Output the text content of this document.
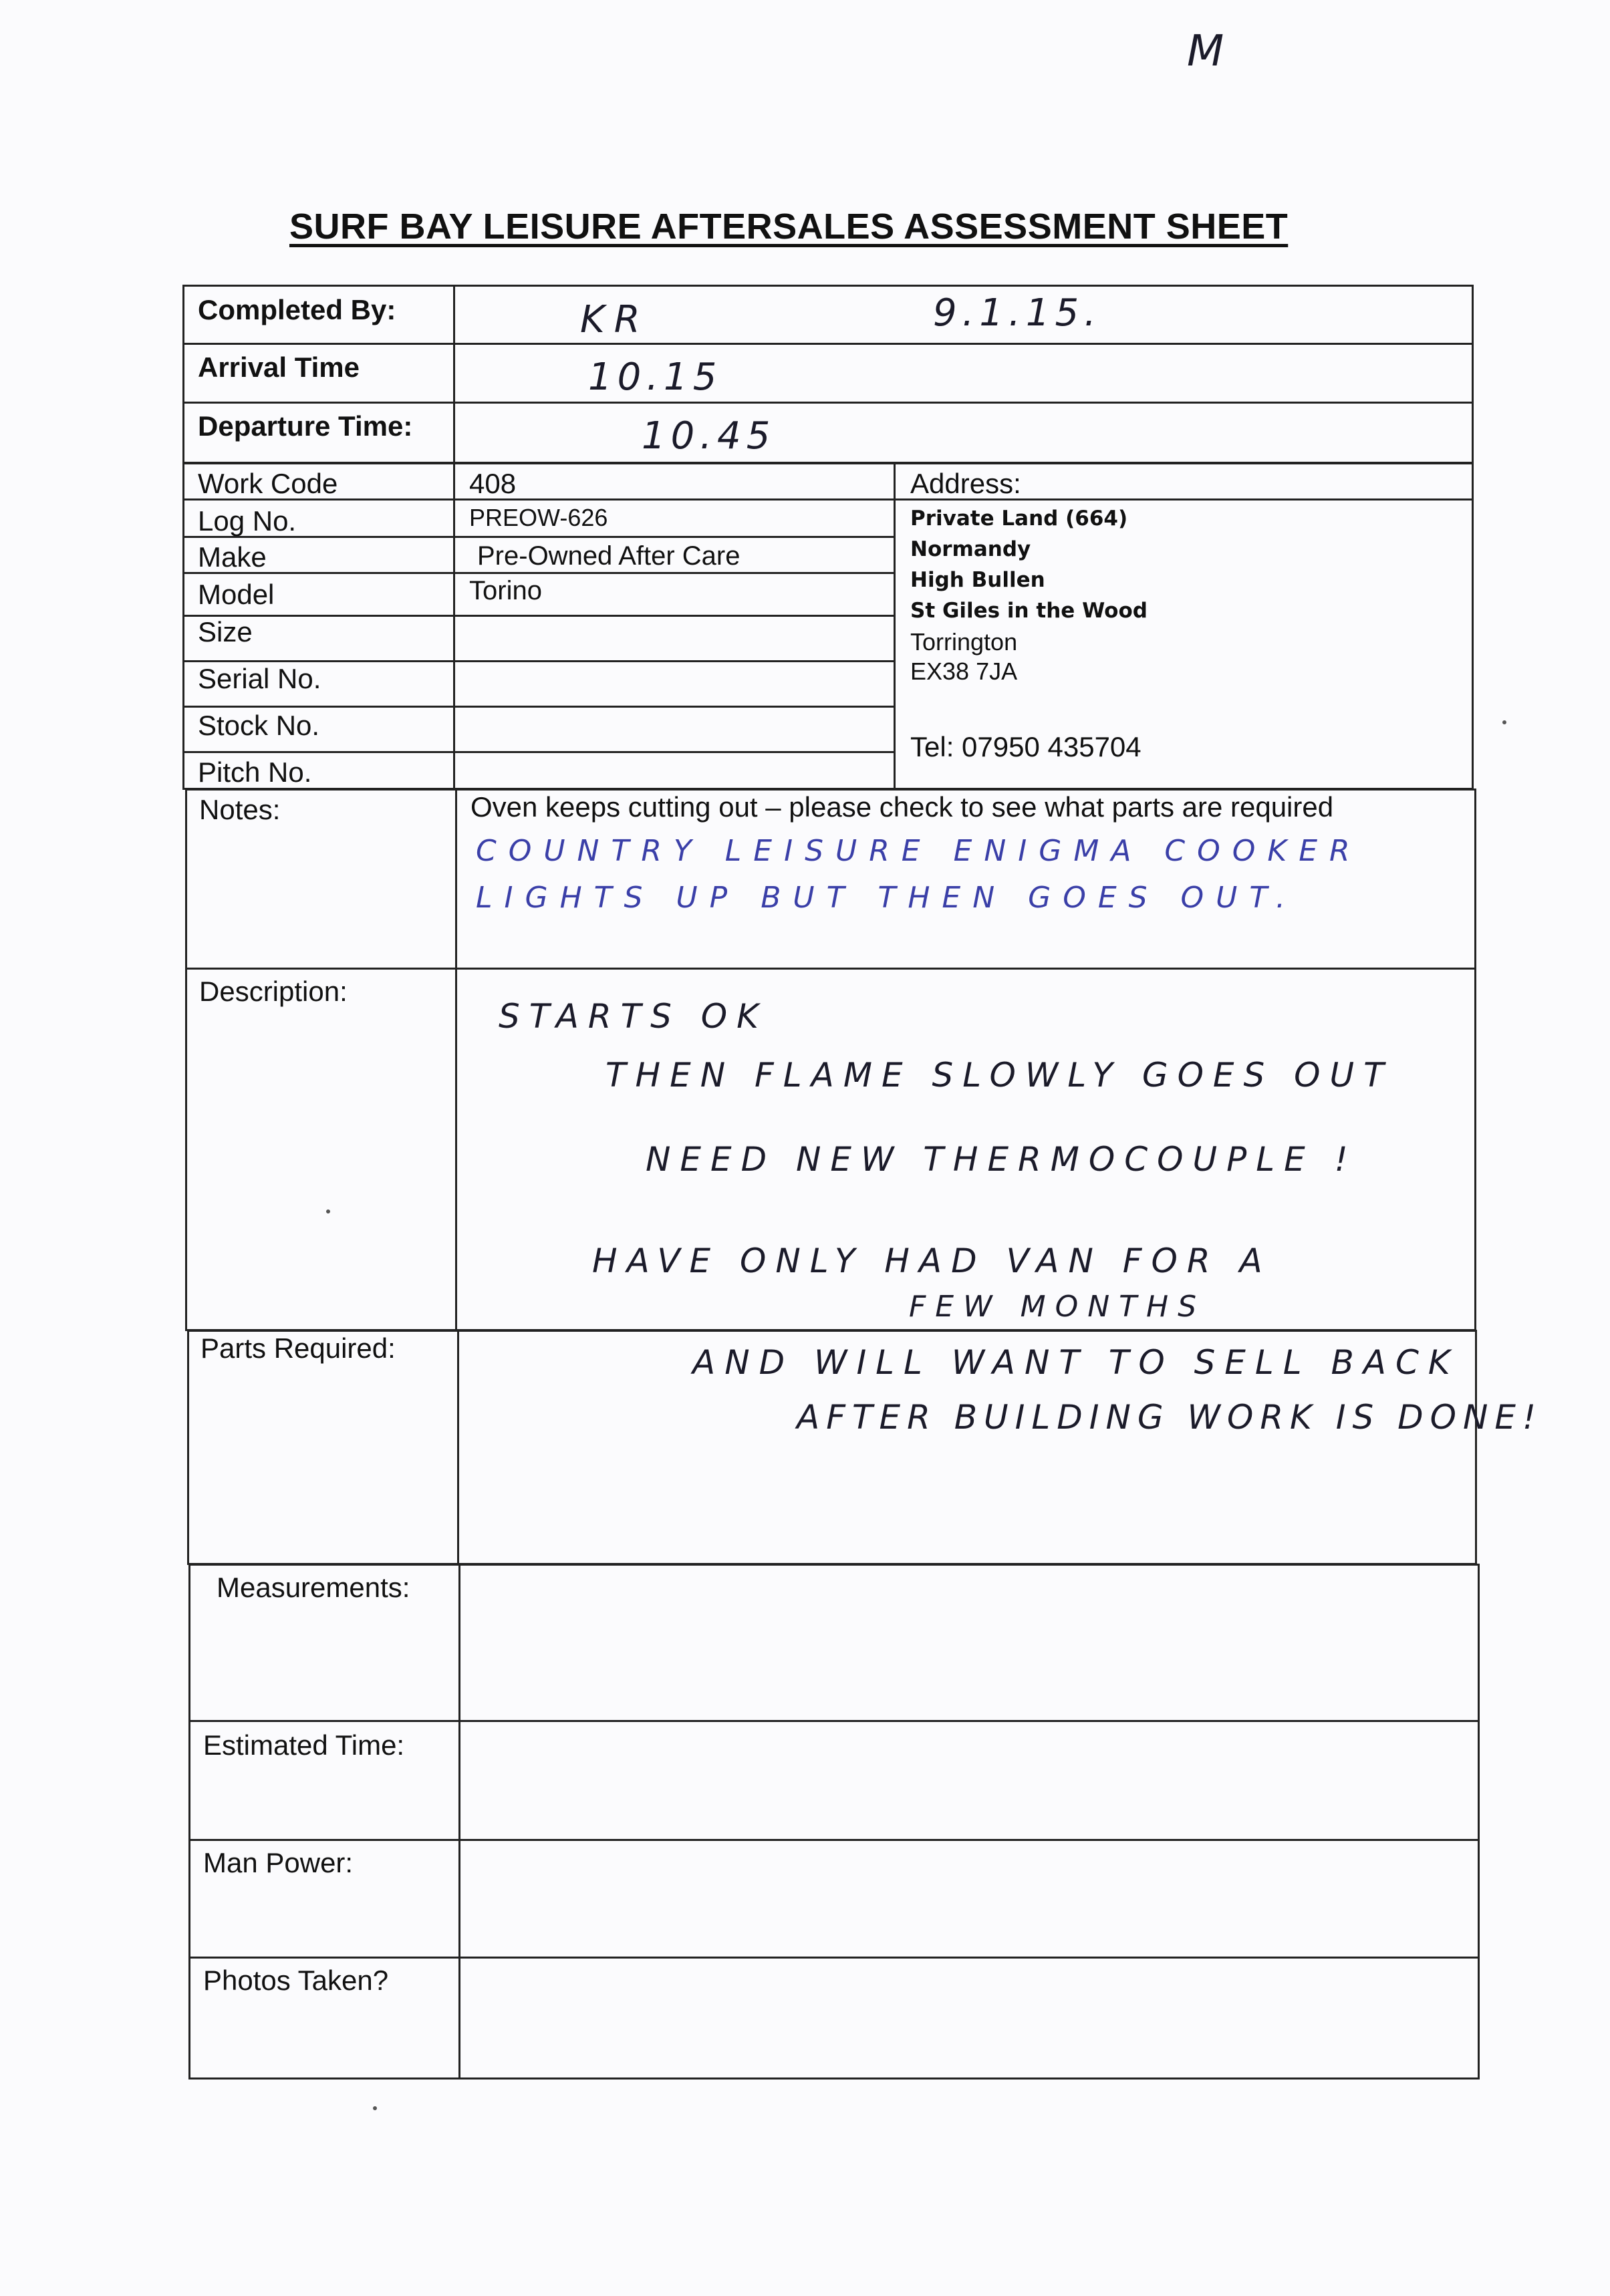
M
SURF BAY LEISURE AFTERSALES ASSESSMENT SHEET
Completed By:	KR	9.1.15.
Arrival Time	10.15
Departure Time:	10.45
Work Code	408
Log No.	PREOW-626
Make	Pre-Owned After Care
Model	Torino
Size
Serial No.
Stock No.
Pitch No.
Address:
Private Land (664)
Normandy
High Bullen
St Giles in the Wood
Torrington
EX38 7JA
Tel: 07950 435704
Notes:	Oven keeps cutting out – please check to see what parts are required
COUNTRY LEISURE ENIGMA COOKER
LIGHTS UP BUT THEN GOES OUT.
Description:
STARTS OK
THEN FLAME SLOWLY GOES OUT
NEED NEW THERMOCOUPLE !
HAVE ONLY HAD VAN FOR A
FEW MONTHS
Parts Required:	AND WILL WANT TO SELL BACK
AFTER BUILDING WORK IS DONE!
Measurements:
Estimated Time:
Man Power:
Photos Taken?
